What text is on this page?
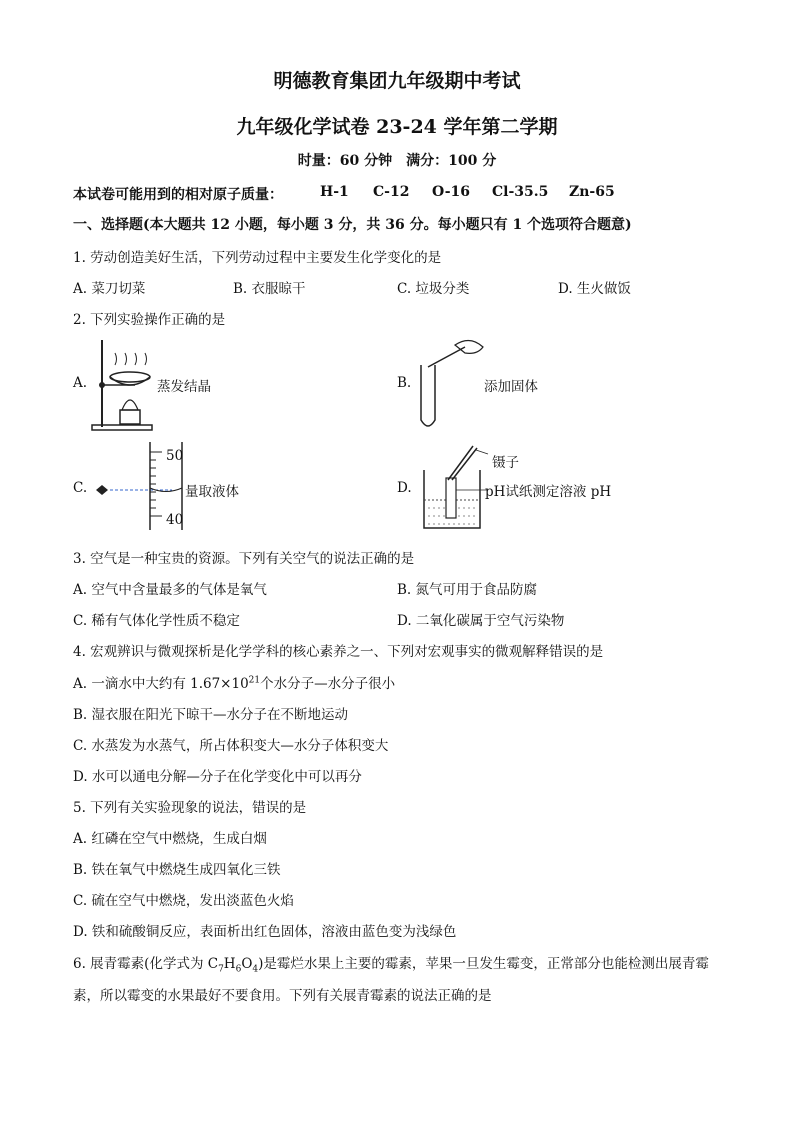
明德教育集团九年级期中考试
九年级化学试卷 23-24 学年第二学期
时量：60 分钟　满分：100 分
本试卷可能用到的相对原子质量：	H-1 C-12 O-16 Cl-35.5 Zn-65
一、选择题(本大题共 12 小题，每小题 3 分，共 36 分。每小题只有 1 个选项符合题意)
1. 劳动创造美好生活，下列劳动过程中主要发生化学变化的是
A. 菜刀切菜	B. 衣服晾干	C. 垃圾分类	D. 生火做饭
2. 下列实验操作正确的是
A.	蒸发结晶	B.	添加固体
C.
50
40
量取液体	D.
镊子
pH试纸测定溶液 pH
3. 空气是一种宝贵的资源。下列有关空气的说法正确的是
A. 空气中含量最多的气体是氧气	B. 氮气可用于食品防腐
C. 稀有气体化学性质不稳定	D. 二氧化碳属于空气污染物
4. 宏观辨识与微观探析是化学学科的核心素养之一、下列对宏观事实的微观解释错误的是
A. 一滴水中大约有 $1.67\times 10^{21}$个水分子—水分子很小
B. 湿衣服在阳光下晾干—水分子在不断地运动
C. 水蒸发为水蒸气，所占体积变大—水分子体积变大
D. 水可以通电分解—分子在化学变化中可以再分
5. 下列有关实验现象的说法，错误的是
A. 红磷在空气中燃烧，生成白烟
B. 铁在氧气中燃烧生成四氧化三铁
C. 硫在空气中燃烧，发出淡蓝色火焰
D. 铁和硫酸铜反应，表面析出红色固体，溶液由蓝色变为浅绿色
6. 展青霉素(化学式为 $C_7H_6O_4$)是霉烂水果上主要的霉素，苹果一旦发生霉变，正常部分也能检测出展青霉
素，所以霉变的水果最好不要食用。下列有关展青霉素的说法正确的是
